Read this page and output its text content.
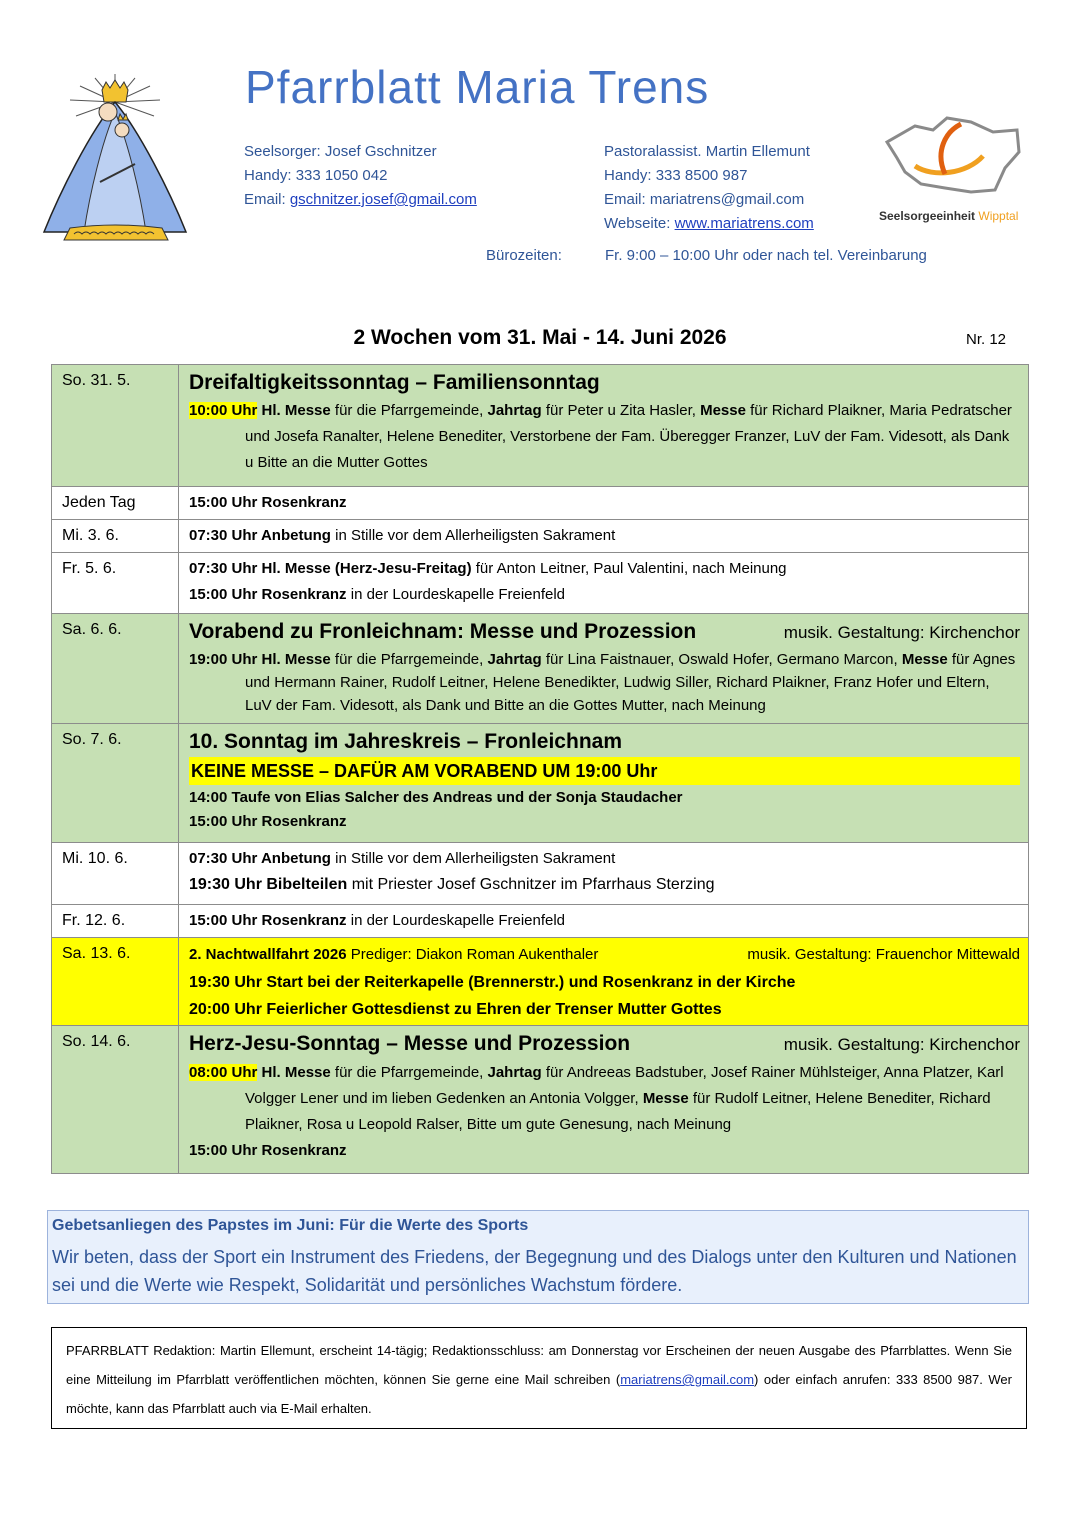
Pfarrblatt Maria Trens
Seelsorger: Josef Gschnitzer
Handy: 333 1050 042
Email: gschnitzer.josef@gmail.com
Pastoralassist. Martin Ellemunt
Handy: 333 8500 987
Email: mariatrens@gmail.com
Webseite: www.mariatrens.com	Seelsorgeeinheit Wipptal
Bürozeiten:	Fr. 9:00 – 10:00 Uhr oder nach tel. Vereinbarung
2 Wochen vom 31. Mai - 14. Juni 2026	Nr. 12
So. 31. 5.	Dreifaltigkeitssonntag – Familiensonntag
10:00 Uhr Hl. Messe für die Pfarrgemeinde, Jahrtag für Peter u Zita Hasler, Messe für Richard Plaikner, Maria Pedratscher und Josefa Ranalter, Helene Benediter, Verstorbene der Fam. Überegger Franzer, LuV der Fam. Videsott, als Dank u Bitte an die Mutter Gottes

Jeden Tag	15:00 Uhr Rosenkranz
Mi. 3. 6.	07:30 Uhr Anbetung in Stille vor dem Allerheiligsten Sakrament
Fr. 5. 6.	07:30 Uhr Hl. Messe (Herz-Jesu-Freitag) für Anton Leitner, Paul Valentini, nach Meinung
15:00 Uhr Rosenkranz in der Lourdeskapelle Freienfeld

Sa. 6. 6.	Vorabend zu Fronleichnam: Messe und Prozession musik. Gestaltung: Kirchenchor
19:00 Uhr Hl. Messe für die Pfarrgemeinde, Jahrtag für Lina Faistnauer, Oswald Hofer, Germano Marcon, Messe für Agnes und Hermann Rainer, Rudolf Leitner, Helene Benedikter, Ludwig Siller, Richard Plaikner, Franz Hofer und Eltern, LuV der Fam. Videsott, als Dank und Bitte an die Gottes Mutter, nach Meinung

So. 7. 6.	10. Sonntag im Jahreskreis – Fronleichnam
KEINE MESSE – DAFÜR AM VORABEND UM 19:00 Uhr
14:00 Taufe von Elias Salcher des Andreas und der Sonja Staudacher
15:00 Uhr Rosenkranz

Mi. 10. 6.	07:30 Uhr Anbetung in Stille vor dem Allerheiligsten Sakrament
19:30 Uhr Bibelteilen mit Priester Josef Gschnitzer im Pfarrhaus Sterzing

Fr. 12. 6.	15:00 Uhr Rosenkranz in der Lourdeskapelle Freienfeld
Sa. 13. 6.	2. Nachtwallfahrt 2026 Prediger: Diakon Roman Aukenthaler musik. Gestaltung: Frauenchor Mittewald
19:30 Uhr Start bei der Reiterkapelle (Brennerstr.) und Rosenkranz in der Kirche
20:00 Uhr Feierlicher Gottesdienst zu Ehren der Trenser Mutter Gottes

So. 14. 6.	Herz-Jesu-Sonntag – Messe und Prozession musik. Gestaltung: Kirchenchor
08:00 Uhr Hl. Messe für die Pfarrgemeinde, Jahrtag für Andreeas Badstuber, Josef Rainer Mühlsteiger, Anna Platzer, Karl Volgger Lener und im lieben Gedenken an Antonia Volgger, Messe für Rudolf Leitner, Helene Benediter, Richard Plaikner, Rosa u Leopold Ralser, Bitte um gute Genesung, nach Meinung
15:00 Uhr Rosenkranz
Gebetsanliegen des Papstes im Juni: Für die Werte des Sports
Wir beten, dass der Sport ein Instrument des Friedens, der Begegnung und des Dialogs unter den Kulturen und Nationen sei und die Werte wie Respekt, Solidarität und persönliches Wachstum fördere.
PFARRBLATT Redaktion: Martin Ellemunt, erscheint 14-tägig; Redaktionsschluss: am Donnerstag vor Erscheinen der neuen Ausgabe des Pfarrblattes. Wenn Sie eine Mitteilung im Pfarrblatt veröffentlichen möchten, können Sie gerne eine Mail schreiben (mariatrens@gmail.com) oder einfach anrufen: 333 8500 987. Wer möchte, kann das Pfarrblatt auch via E-Mail erhalten.
